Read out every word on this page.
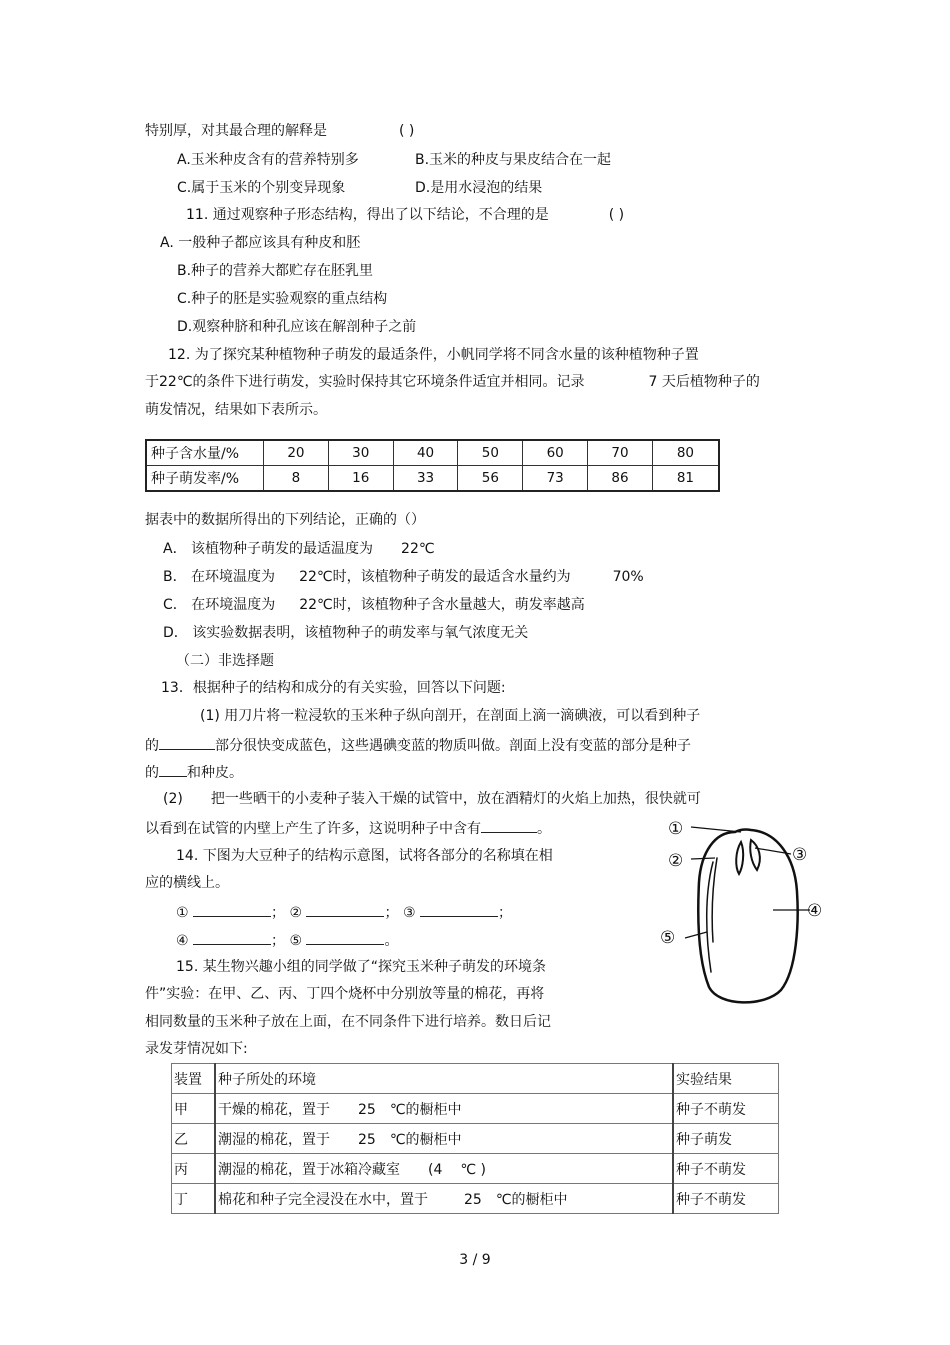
特别厚，对其最合理的解释是	( )
A.玉米种皮含有的营养特别多	B.玉米的种皮与果皮结合在一起
C.属于玉米的个别变异现象	D.是用水浸泡的结果
11. 通过观察种子形态结构，得出了以下结论，不合理的是	( )
A. 一般种子都应该具有种皮和胚
B.种子的营养大都贮存在胚乳里
C.种子的胚是实验观察的重点结构
D.观察种脐和种孔应该在解剖种子之前
12. 为了探究某种植物种子萌发的最适条件，小帆同学将不同含水量的该种植物种子置
于22℃的条件下进行萌发，实验时保持其它环境条件适宜并相同。记录	7 天后植物种子的
萌发情况，结果如下表所示。
种子含水量/%	20	30	40	50	60	70	80
种子萌发率/%	8	16	33	56	73	86	81
据表中的数据所得出的下列结论，正确的（）
A． 该植物种子萌发的最适温度为 22℃
B． 在环境温度为 22℃时，该植物种子萌发的最适含水量约为	70%
C． 在环境温度为 22℃时，该植物种子含水量越大，萌发率越高
D． 该实验数据表明，该植物种子的萌发率与氧气浓度无关
（二）非选择题
13．根据种子的结构和成分的有关实验，回答以下问题:
(1) 用刀片将一粒浸软的玉米种子纵向剖开，在剖面上滴一滴碘液，可以看到种子
的	部分很快变成蓝色，这些遇碘变蓝的物质叫做。剖面上没有变蓝的部分是种子
的 和种皮。
(2) 把一些晒干的小麦种子装入干燥的试管中，放在酒精灯的火焰上加热，很快就可
以看到在试管的内壁上产生了许多，这说明种子中含有	。
14. 下图为大豆种子的结构示意图，试将各部分的名称填在相
应的横线上。
①	； ②	； ③	；
④	； ⑤	。
①
②	③
④
⑤
15. 某生物兴趣小组的同学做了“探究玉米种子萌发的环境条
件”实验：在甲、乙、丙、丁四个烧杯中分别放等量的棉花，再将
相同数量的玉米种子放在上面，在不同条件下进行培养。数日后记
录发芽情况如下:
装置	种子所处的环境	实验结果
甲	干燥的棉花，置于 25 ℃的橱柜中	种子不萌发
乙	潮湿的棉花，置于 25 ℃的橱柜中	种子萌发
丙	潮湿的棉花，置于冰箱冷藏室 (4 ℃ )	种子不萌发
丁	棉花和种子完全浸没在水中，置于 25 ℃的橱柜中	种子不萌发
3 / 9
